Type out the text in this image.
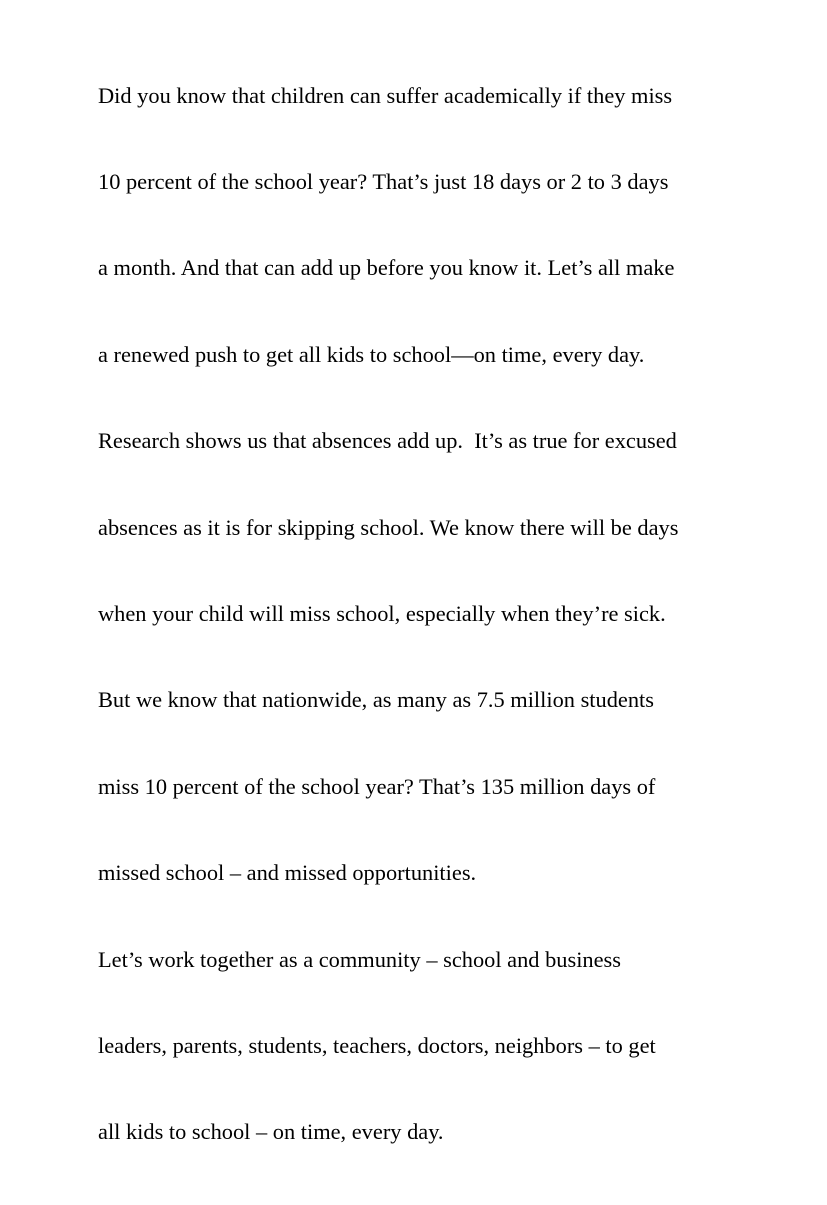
Did you know that children can suffer academically if they miss

10 percent of the school year? That’s just 18 days or 2 to 3 days

a month. And that can add up before you know it. Let’s all make

a renewed push to get all kids to school—on time, every day.

Research shows us that absences add up.  It’s as true for excused

absences as it is for skipping school. We know there will be days

when your child will miss school, especially when they’re sick.

But we know that nationwide, as many as 7.5 million students

miss 10 percent of the school year? That’s 135 million days of

missed school – and missed opportunities.

Let’s work together as a community – school and business

leaders, parents, students, teachers, doctors, neighbors – to get

all kids to school – on time, every day.
